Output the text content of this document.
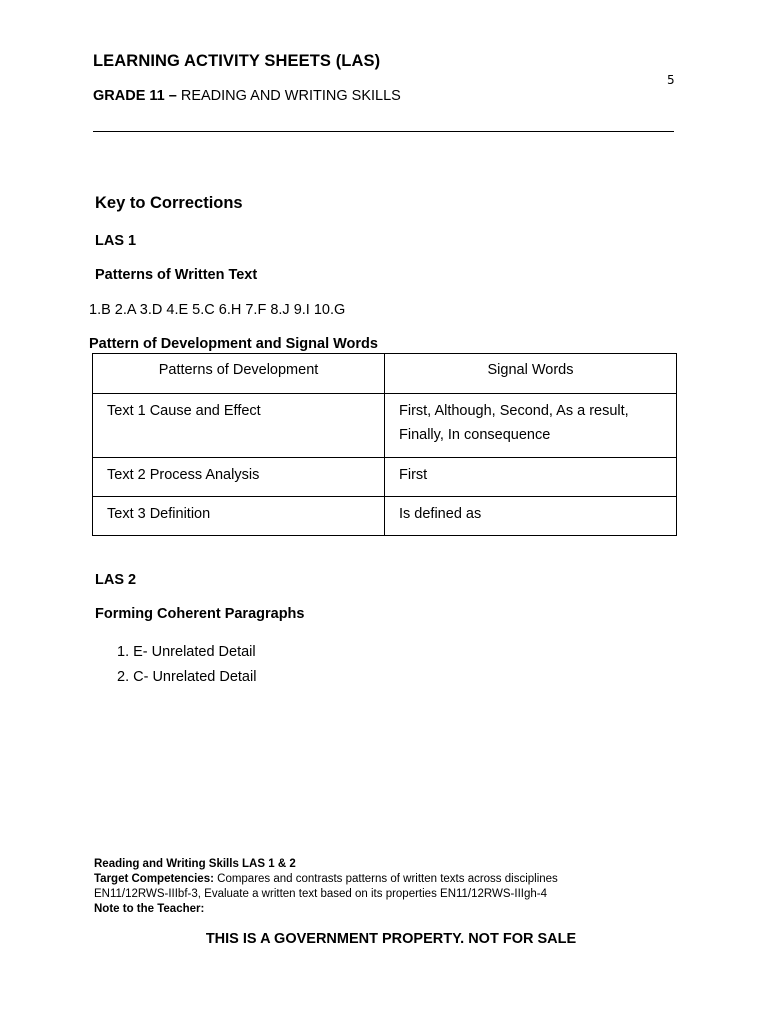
LEARNING ACTIVITY SHEETS (LAS)
5
GRADE 11 – READING AND WRITING SKILLS
Key to Corrections
LAS 1
Patterns of Written Text
1.B 2.A 3.D 4.E 5.C 6.H 7.F 8.J 9.I 10.G
Pattern of Development and Signal Words
Patterns of Development	Signal Words
Text 1 Cause and Effect	First, Although, Second, As a result, Finally, In consequence
Text 2 Process Analysis	First
Text 3 Definition	Is defined as
LAS 2
Forming Coherent Paragraphs
1. E- Unrelated Detail
2. C- Unrelated Detail
Reading and Writing Skills LAS 1 & 2
Target Competencies: Compares and contrasts patterns of written texts across disciplines
EN11/12RWS-IIIbf-3, Evaluate a written text based on its properties EN11/12RWS-IIIgh-4
Note to the Teacher:
THIS IS A GOVERNMENT PROPERTY. NOT FOR SALE
